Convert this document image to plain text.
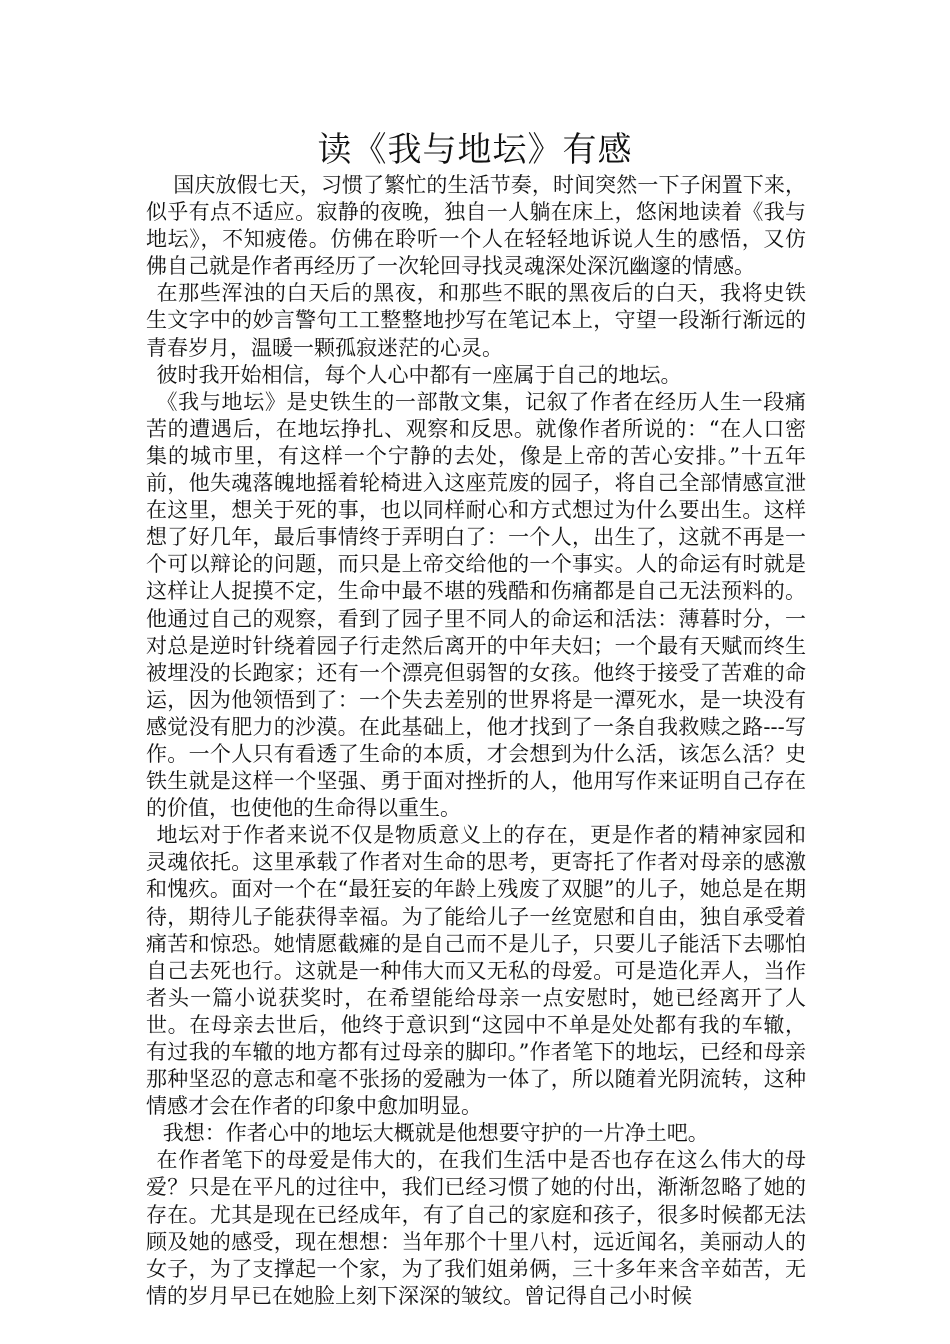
读《我与地坛》有感

国庆放假七天，习惯了繁忙的生活节奏，时间突然一下子闲置下来，似乎有点不适应。寂静的夜晚，独自一人躺在床上，悠闲地读着《我与地坛》，不知疲倦。仿佛在聆听一个人在轻轻地诉说人生的感悟，又仿佛自己就是作者再经历了一次轮回寻找灵魂深处深沉幽邃的情感。

在那些浑浊的白天后的黑夜，和那些不眠的黑夜后的白天，我将史铁生文字中的妙言警句工工整整地抄写在笔记本上，守望一段渐行渐远的青春岁月，温暖一颗孤寂迷茫的心灵。

彼时我开始相信，每个人心中都有一座属于自己的地坛。

《我与地坛》是史铁生的一部散文集，记叙了作者在经历人生一段痛苦的遭遇后，在地坛挣扎、观察和反思。就像作者所说的：“在人口密集的城市里，有这样一个宁静的去处，像是上帝的苦心安排。”十五年前，他失魂落魄地摇着轮椅进入这座荒废的园子，将自己全部情感宣泄在这里，想关于死的事，也以同样耐心和方式想过为什么要出生。这样想了好几年，最后事情终于弄明白了：一个人，出生了，这就不再是一个可以辩论的问题，而只是上帝交给他的一个事实。人的命运有时就是这样让人捉摸不定，生命中最不堪的残酷和伤痛都是自己无法预料的。他通过自己的观察，看到了园子里不同人的命运和活法：薄暮时分，一对总是逆时针绕着园子行走然后离开的中年夫妇；一个最有天赋而终生被埋没的长跑家；还有一个漂亮但弱智的女孩。他终于接受了苦难的命运，因为他领悟到了：一个失去差别的世界将是一潭死水，是一块没有感觉没有肥力的沙漠。在此基础上，他才找到了一条自我救赎之路---写作。一个人只有看透了生命的本质，才会想到为什么活，该怎么活？史铁生就是这样一个坚强、勇于面对挫折的人，他用写作来证明自己存在的价值，也使他的生命得以重生。

地坛对于作者来说不仅是物质意义上的存在，更是作者的精神家园和灵魂依托。这里承载了作者对生命的思考，更寄托了作者对母亲的感激和愧疚。面对一个在“最狂妄的年龄上残废了双腿”的儿子，她总是在期待，期待儿子能获得幸福。为了能给儿子一丝宽慰和自由，独自承受着痛苦和惊恐。她情愿截瘫的是自己而不是儿子，只要儿子能活下去哪怕自己去死也行。这就是一种伟大而又无私的母爱。可是造化弄人，当作者头一篇小说获奖时，在希望能给母亲一点安慰时，她已经离开了人世。在母亲去世后，他终于意识到“这园中不单是处处都有我的车辙，有过我的车辙的地方都有过母亲的脚印。”作者笔下的地坛，已经和母亲那种坚忍的意志和毫不张扬的爱融为一体了，所以随着光阴流转，这种情感才会在作者的印象中愈加明显。

我想：作者心中的地坛大概就是他想要守护的一片净土吧。

在作者笔下的母爱是伟大的，在我们生活中是否也存在这么伟大的母爱？只是在平凡的过往中，我们已经习惯了她的付出，渐渐忽略了她的存在。尤其是现在已经成年，有了自己的家庭和孩子，很多时候都无法顾及她的感受，现在想想：当年那个十里八村，远近闻名，美丽动人的女子，为了支撑起一个家，为了我们姐弟俩，三十多年来含辛茹苦，无情的岁月早已在她脸上刻下深深的皱纹。曾记得自己小时候
